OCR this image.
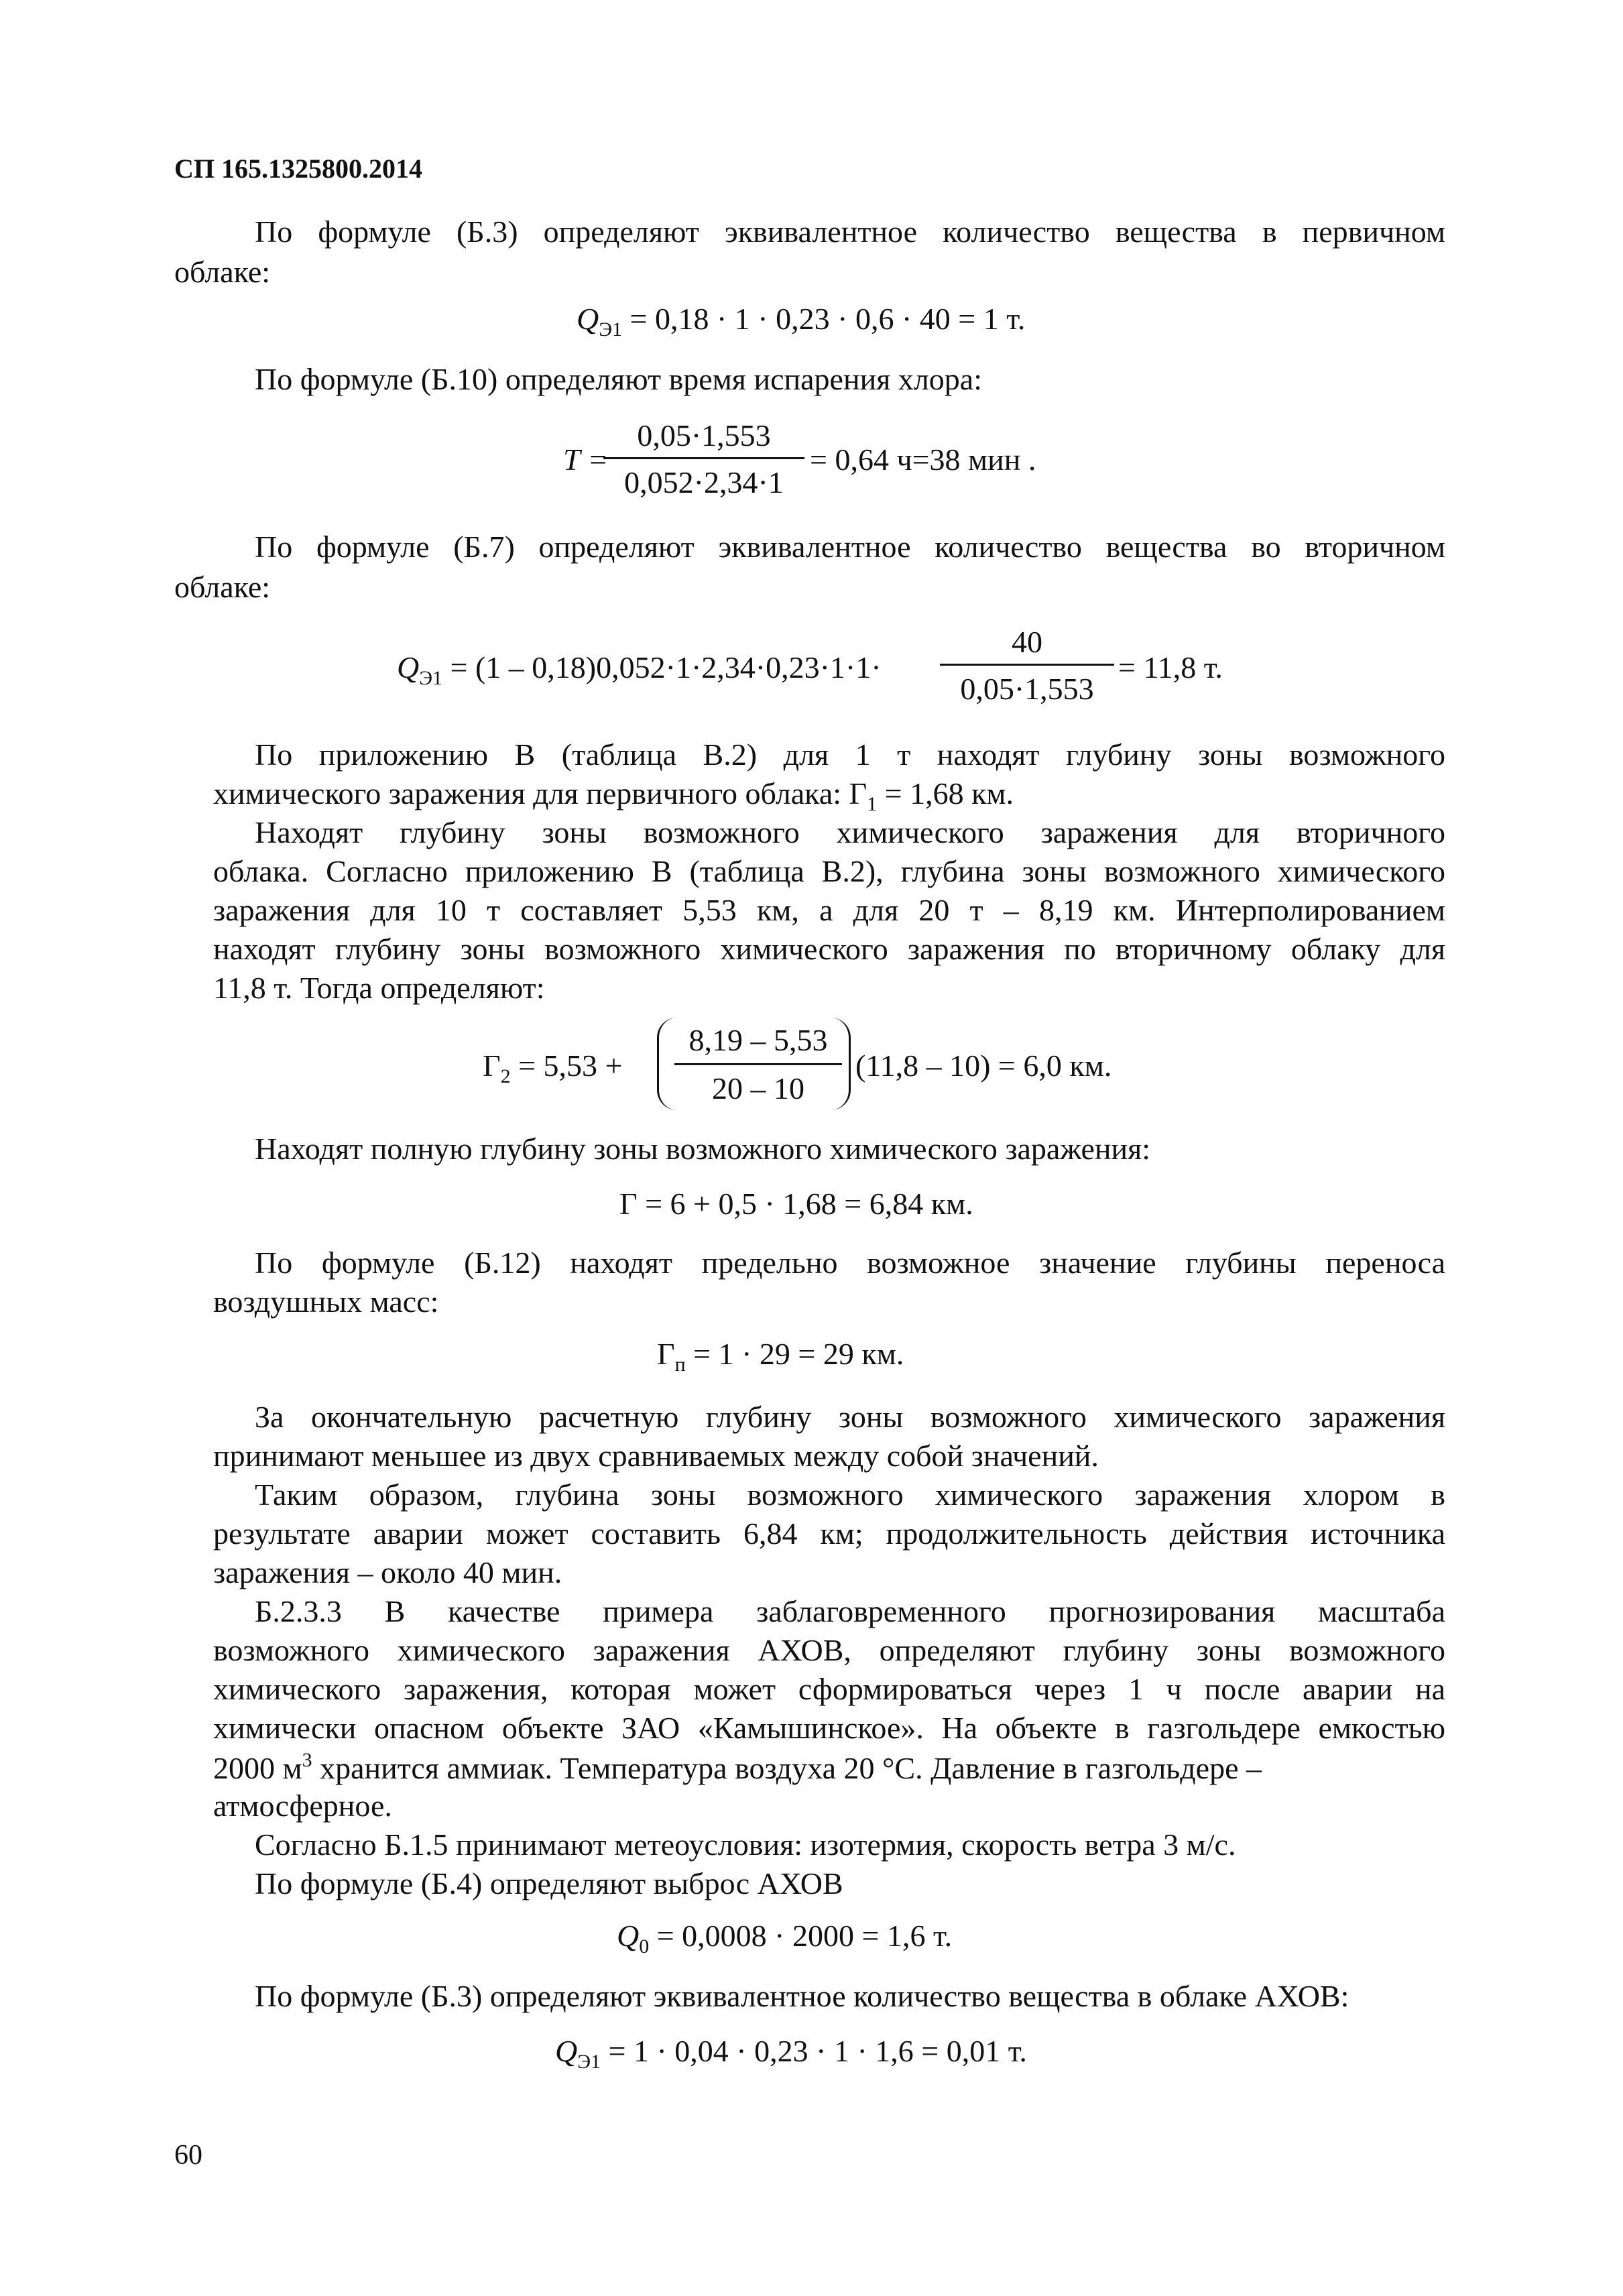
СП 165.1325800.2014
По формуле (Б.3) определяют эквивалентное количество вещества в первичном
облаке:
$Q_{Э1} = 0,18 \cdot 1 \cdot 0,23 \cdot 0,6 \cdot 40 = 1$ т.
По формуле (Б.10) определяют время испарения хлора:
T =
0,05·1,553
0,052·2,34·1
= 0,64 ч=38 мин .
По формуле (Б.7) определяют эквивалентное количество вещества во вторичном
облаке:
$Q_{Э1} = (1 - 0,18)0,052\cdot 1\cdot 2,34\cdot 0,23\cdot 1\cdot 1\cdot$
40
0,05·1,553
= 11,8 т.
По приложению В (таблица В.2) для 1 т находят глубину зоны возможного
химического заражения для первичного облака: $Г_1 = 1,68$ км.
Находят глубину зоны возможного химического заражения для вторичного
облака. Согласно приложению В (таблица В.2), глубина зоны возможного химического
заражения для 10 т составляет 5,53 км, а для 20 т – 8,19 км. Интерполированием
находят глубину зоны возможного химического заражения по вторичному облаку для
11,8 т. Тогда определяют:
$Г_2 = 5,53$ +
8,19 – 5,53
20 – 10
(11,8 – 10) = 6,0 км.
Находят полную глубину зоны возможного химического заражения:
Г = 6 + 0,5 · 1,68 = 6,84 км.
По формуле (Б.12) находят предельно возможное значение глубины переноса
воздушных масс:
$Г_п = 1 \cdot 29 = 29$ км.
За окончательную расчетную глубину зоны возможного химического заражения
принимают меньшее из двух сравниваемых между собой значений.
Таким образом, глубина зоны возможного химического заражения хлором в
результате аварии может составить 6,84 км; продолжительность действия источника
заражения – около 40 мин.
Б.2.3.3 В качестве примера заблаговременного прогнозирования масштаба
возможного химического заражения АХОВ, определяют глубину зоны возможного
химического заражения, которая может сформироваться через 1 ч после аварии на
химически опасном объекте ЗАО «Камышинское». На объекте в газгольдере емкостью
2000 $м^3$ хранится аммиак. Температура воздуха 20 °С. Давление в газгольдере –
атмосферное.
Согласно Б.1.5 принимают метеоусловия: изотермия, скорость ветра 3 м/с.
По формуле (Б.4) определяют выброс АХОВ
$Q_0 = 0,0008 \cdot 2000 = 1,6$ т.
По формуле (Б.3) определяют эквивалентное количество вещества в облаке АХОВ:
$Q_{Э1} = 1 \cdot 0,04 \cdot 0,23 \cdot 1 \cdot 1,6 = 0,01$ т.
60
